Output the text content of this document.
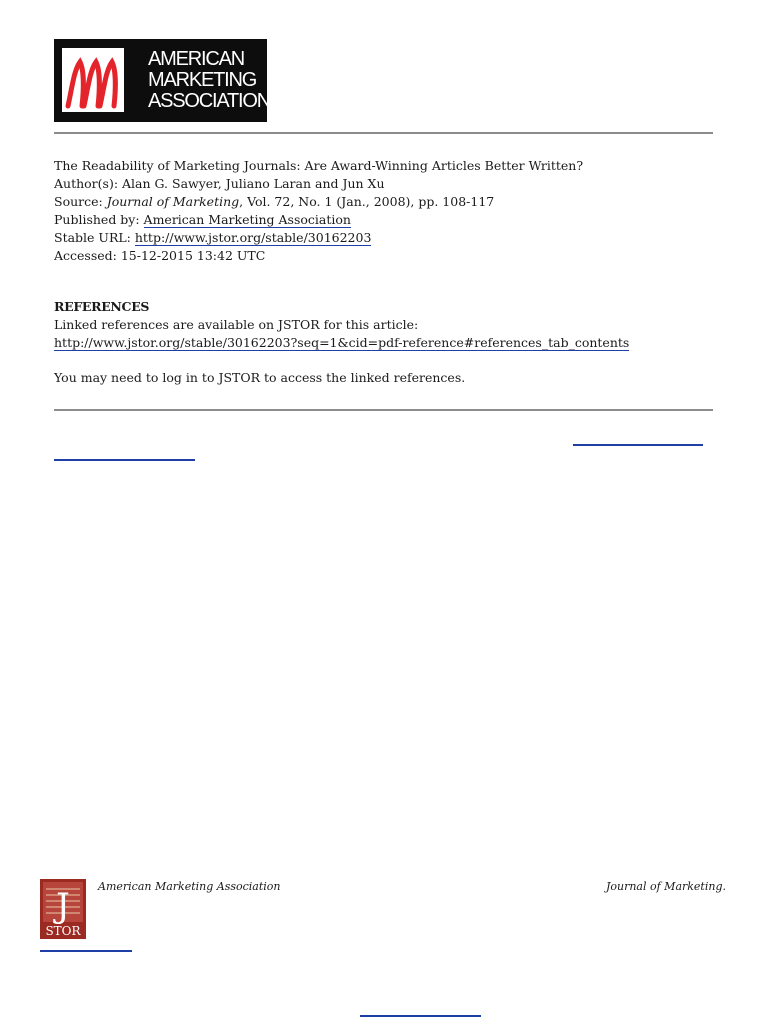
AMERICAN
MARKETING
ASSOCIATION
The Readability of Marketing Journals: Are Award-Winning Articles Better Written?
Author(s): Alan G. Sawyer, Juliano Laran and Jun Xu
Source: Journal of Marketing, Vol. 72, No. 1 (Jan., 2008), pp. 108-117
Published by: American Marketing Association
Stable URL: http://www.jstor.org/stable/30162203
Accessed: 15-12-2015 13:42 UTC
REFERENCES
Linked references are available on JSTOR for this article:
http://www.jstor.org/stable/30162203?seq=1&cid=pdf-reference#references_tab_contents
You may need to log in to JSTOR to access the linked references.
J
STOR
American Marketing Association	Journal of Marketing.
